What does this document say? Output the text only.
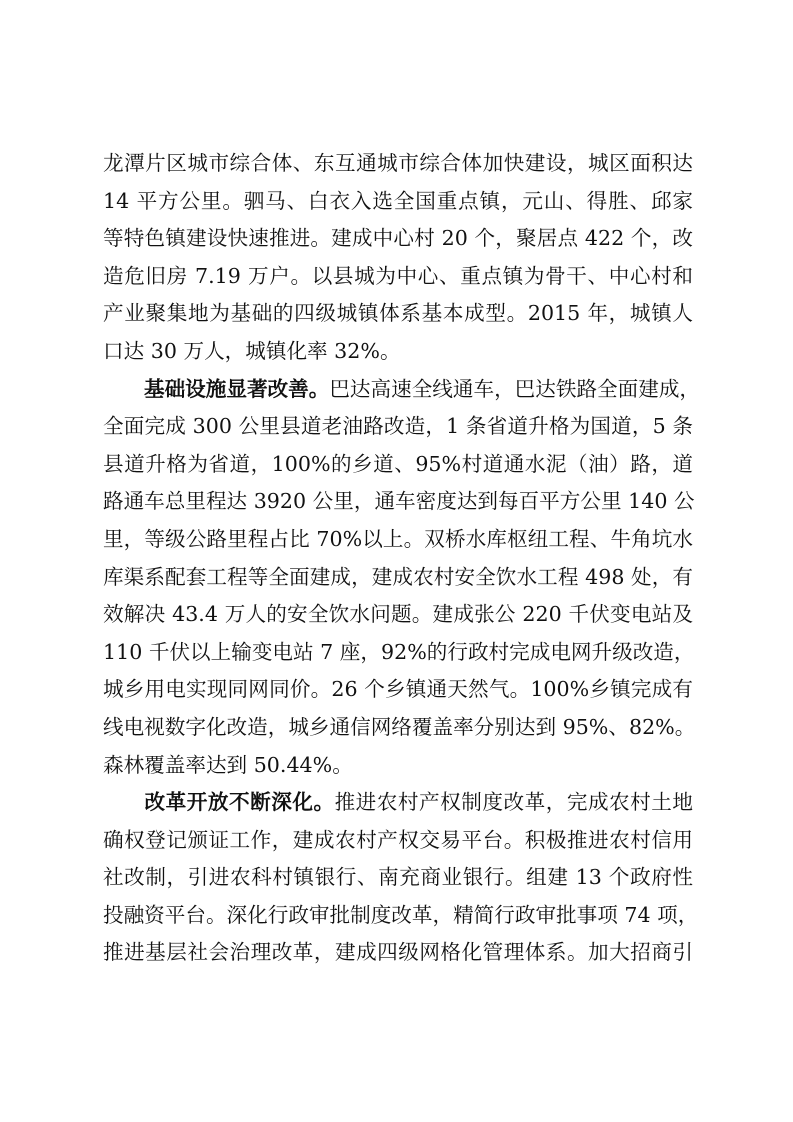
龙潭片区城市综合体、东互通城市综合体加快建设，城区面积达
14 平方公里。驷马、白衣入选全国重点镇，元山、得胜、邱家
等特色镇建设快速推进。建成中心村 20 个，聚居点 422 个，改
造危旧房 7.19 万户。以县城为中心、重点镇为骨干、中心村和
产业聚集地为基础的四级城镇体系基本成型。2015 年，城镇人
口达 30 万人，城镇化率 32%。
基础设施显著改善。巴达高速全线通车，巴达铁路全面建成，
全面完成 300 公里县道老油路改造，1 条省道升格为国道，5 条
县道升格为省道，100%的乡道、95%村道通水泥（油）路，道
路通车总里程达 3920 公里，通车密度达到每百平方公里 140 公
里，等级公路里程占比 70%以上。双桥水库枢纽工程、牛角坑水
库渠系配套工程等全面建成，建成农村安全饮水工程 498 处，有
效解决 43.4 万人的安全饮水问题。建成张公 220 千伏变电站及
110 千伏以上输变电站 7 座，92%的行政村完成电网升级改造，
城乡用电实现同网同价。26 个乡镇通天然气。100%乡镇完成有
线电视数字化改造，城乡通信网络覆盖率分别达到 95%、82%。
森林覆盖率达到 50.44%。
改革开放不断深化。推进农村产权制度改革，完成农村土地
确权登记颁证工作，建成农村产权交易平台。积极推进农村信用
社改制，引进农科村镇银行、南充商业银行。组建 13 个政府性
投融资平台。深化行政审批制度改革，精简行政审批事项 74 项，
推进基层社会治理改革，建成四级网格化管理体系。加大招商引
